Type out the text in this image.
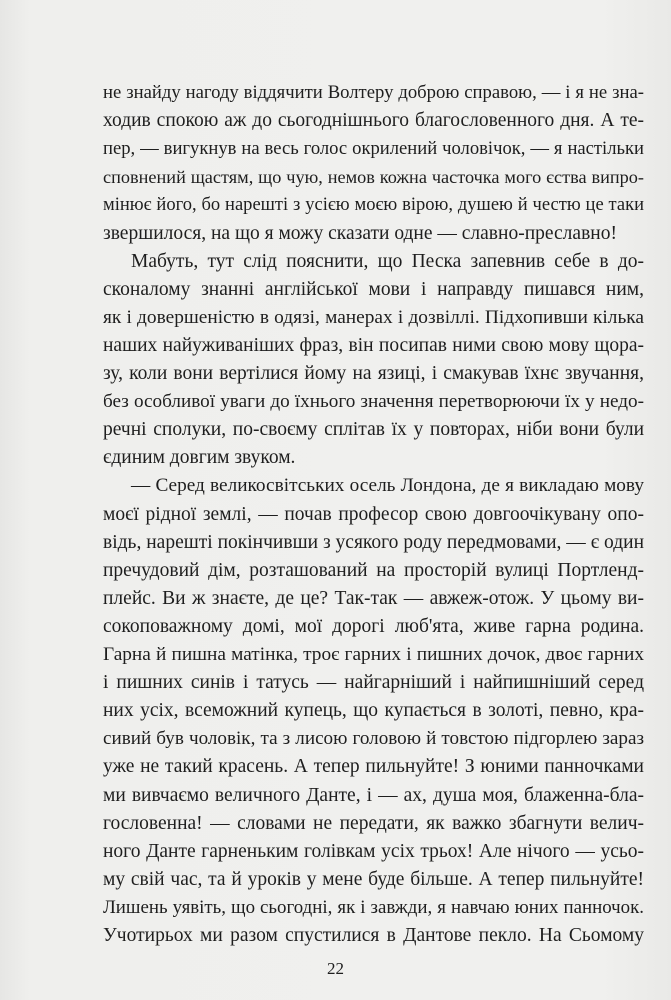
не знайду нагоду віддячити Волтеру доброю справою, — і я не зна-
ходив спокою аж до сьогоднішнього благословенного дня. А те-
пер, — вигукнув на весь голос окрилений чоловічок, — я настільки
сповнений щастям, що чую, немов кожна часточка мого єства випро-
мінює його, бо нарешті з усією моєю вірою, душею й честю це таки
звершилося, на що я можу сказати одне — славно-преславно!
Мабуть, тут слід пояснити, що Песка запевнив себе в до-
сконалому знанні англійської мови і направду пишався ним,
як і довершеністю в одязі, манерах і дозвіллі. Підхопивши кілька
наших найуживаніших фраз, він посипав ними свою мову щора-
зу, коли вони вертілися йому на язиці, і смакував їхнє звучання,
без особливої уваги до їхнього значення перетворюючи їх у недо-
речні сполуки, по-своєму сплітав їх у повторах, ніби вони були
єдиним довгим звуком.
— Серед великосвітських осель Лондона, де я викладаю мову
моєї рідної землі, — почав професор свою довгоочікувану опо-
відь, нарешті покінчивши з усякого роду передмовами, — є один
пречудовий дім, розташований на просторій вулиці Портленд-
плейс. Ви ж знаєте, де це? Так-так — авжеж-отож. У цьому ви-
сокоповажному домі, мої дорогі люб'ята, живе гарна родина.
Гарна й пишна матінка, троє гарних і пишних дочок, двоє гарних
і пишних синів і татусь — найгарніший і найпишніший серед
них усіх, всеможний купець, що купається в золоті, певно, кра-
сивий був чоловік, та з лисою головою й товстою підгорлею зараз
уже не такий красень. А тепер пильнуйте! З юними панночками
ми вивчаємо величного Данте, і — ах, душа моя, блаженна-бла-
гословенна! — словами не передати, як важко збагнути велич-
ного Данте гарненьким голівкам усіх трьох! Але нічого — усьо-
му свій час, та й уроків у мене буде більше. А тепер пильнуйте!
Лишень уявіть, що сьогодні, як і завжди, я навчаю юних панночок.
Учотирьох ми разом спустилися в Дантове пекло. На Сьомому
22
